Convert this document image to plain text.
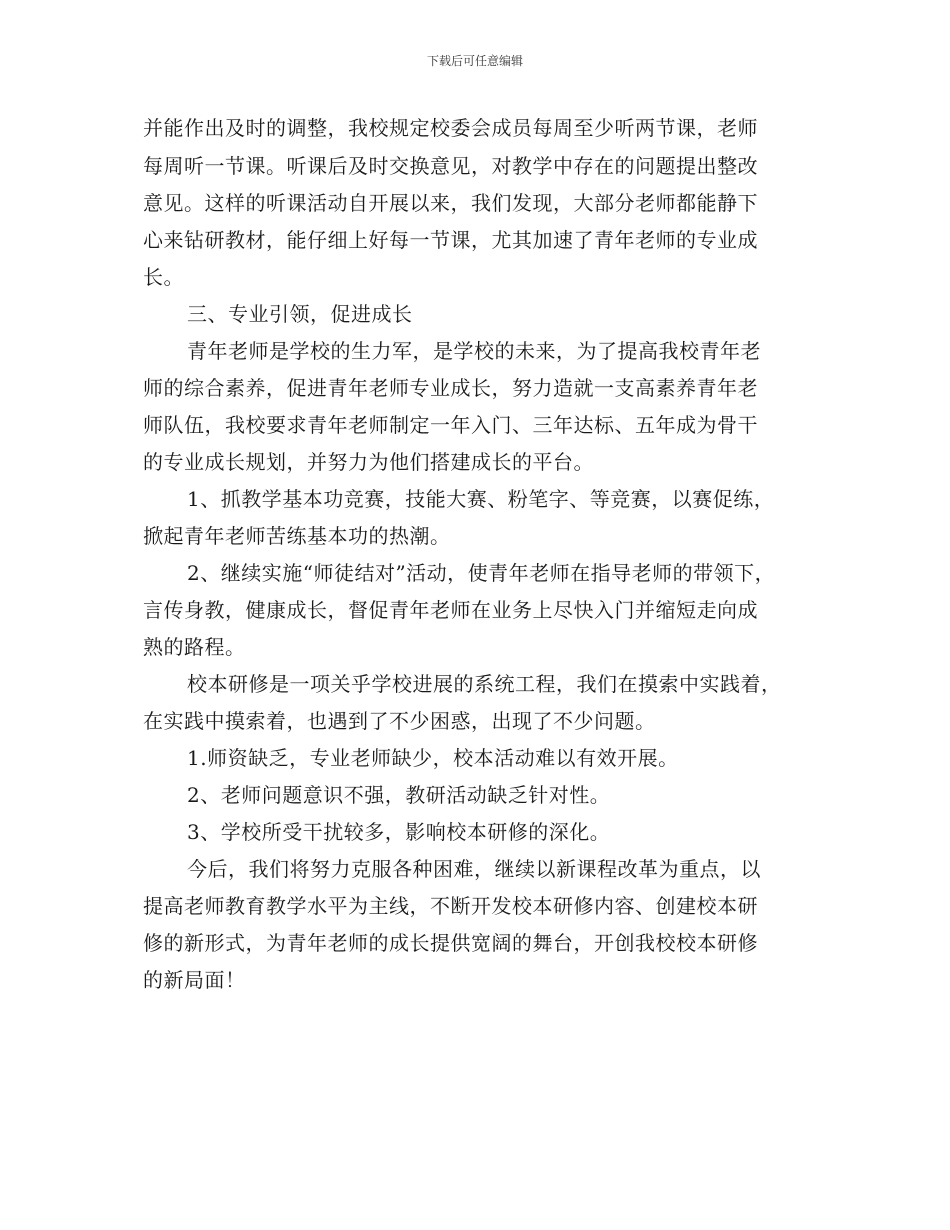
下载后可任意编辑
并能作出及时的调整，我校规定校委会成员每周至少听两节课，老师
每周听一节课。听课后及时交换意见，对教学中存在的问题提出整改
意见。这样的听课活动自开展以来，我们发现，大部分老师都能静下
心来钻研教材，能仔细上好每一节课，尤其加速了青年老师的专业成
长。
三、专业引领，促进成长
青年老师是学校的生力军，是学校的未来，为了提高我校青年老
师的综合素养，促进青年老师专业成长，努力造就一支高素养青年老
师队伍，我校要求青年老师制定一年入门、三年达标、五年成为骨干
的专业成长规划，并努力为他们搭建成长的平台。
1、抓教学基本功竞赛，技能大赛、粉笔字、等竞赛，以赛促练，
掀起青年老师苦练基本功的热潮。
2、继续实施“师徒结对”活动，使青年老师在指导老师的带领下，
言传身教，健康成长，督促青年老师在业务上尽快入门并缩短走向成
熟的路程。
校本研修是一项关乎学校进展的系统工程，我们在摸索中实践着，
在实践中摸索着，也遇到了不少困惑，出现了不少问题。
1.师资缺乏，专业老师缺少，校本活动难以有效开展。
2、老师问题意识不强，教研活动缺乏针对性。
3、学校所受干扰较多，影响校本研修的深化。
今后，我们将努力克服各种困难，继续以新课程改革为重点，以
提高老师教育教学水平为主线，不断开发校本研修内容、创建校本研
修的新形式，为青年老师的成长提供宽阔的舞台，开创我校校本研修
的新局面！
